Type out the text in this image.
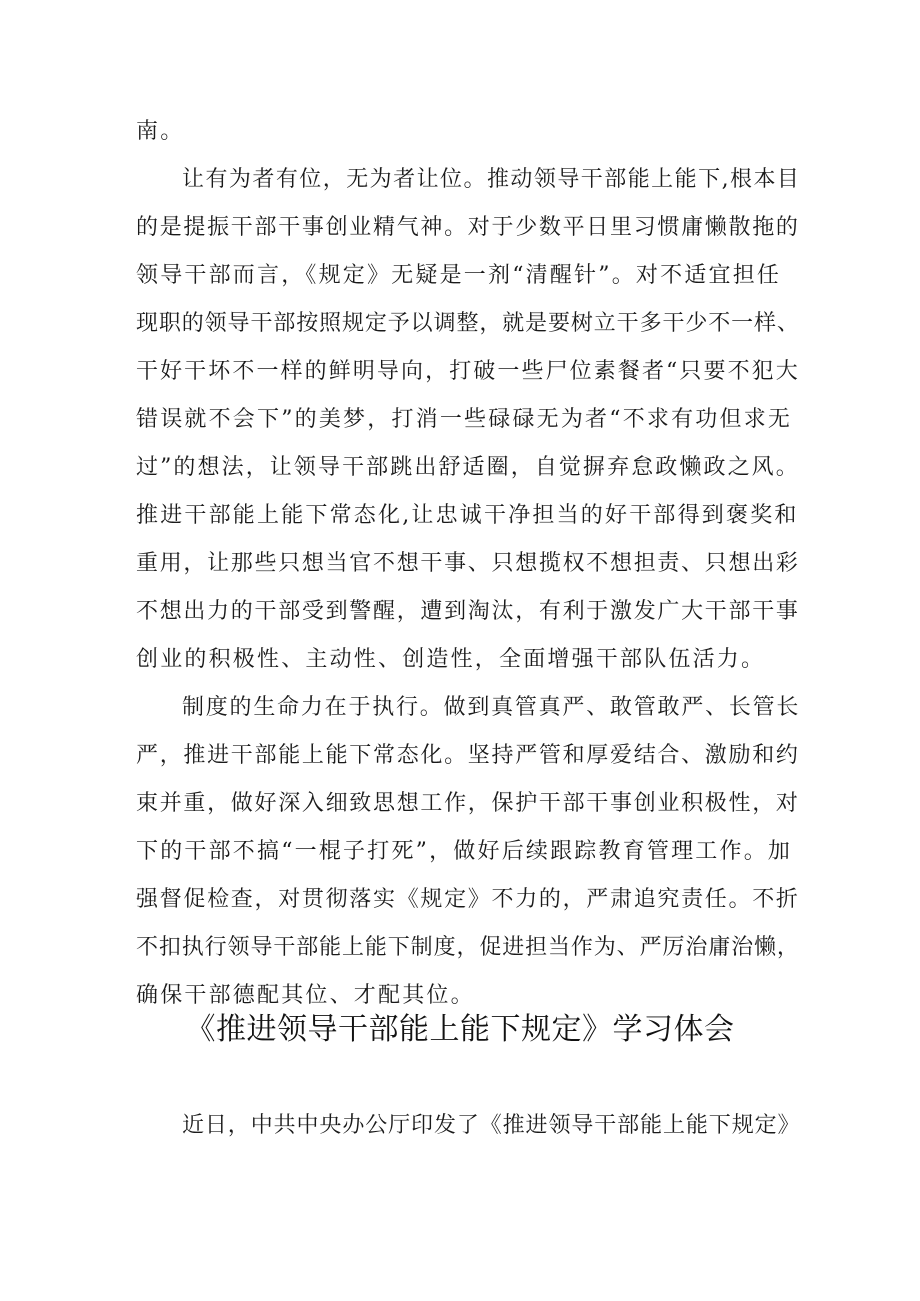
南。
让有为者有位，无为者让位。推动领导干部能上能下,根本目
的是提振干部干事创业精气神。对于少数平日里习惯庸懒散拖的
领导干部而言，《规定》无疑是一剂“清醒针”。对不适宜担任
现职的领导干部按照规定予以调整，就是要树立干多干少不一样、
干好干坏不一样的鲜明导向，打破一些尸位素餐者“只要不犯大
错误就不会下”的美梦，打消一些碌碌无为者“不求有功但求无
过”的想法，让领导干部跳出舒适圈，自觉摒弃怠政懒政之风。
推进干部能上能下常态化,让忠诚干净担当的好干部得到褒奖和
重用，让那些只想当官不想干事、只想揽权不想担责、只想出彩
不想出力的干部受到警醒，遭到淘汰，有利于激发广大干部干事
创业的积极性、主动性、创造性，全面增强干部队伍活力。
制度的生命力在于执行。做到真管真严、敢管敢严、长管长
严，推进干部能上能下常态化。坚持严管和厚爱结合、激励和约
束并重，做好深入细致思想工作，保护干部干事创业积极性，对
下的干部不搞“一棍子打死”，做好后续跟踪教育管理工作。加
强督促检查，对贯彻落实《规定》不力的，严肃追究责任。不折
不扣执行领导干部能上能下制度，促进担当作为、严厉治庸治懒，
确保干部德配其位、才配其位。
《推进领导干部能上能下规定》学习体会
近日，中共中央办公厅印发了《推进领导干部能上能下规定》
